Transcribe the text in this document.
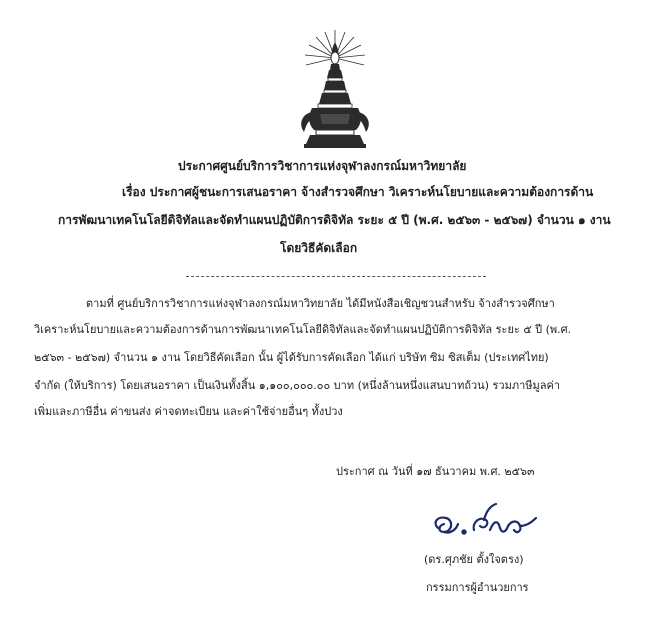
ประกาศศูนย์บริการวิชาการแห่งจุฬาลงกรณ์มหาวิทยาลัย
เรื่อง ประกาศผู้ชนะการเสนอราคา จ้างสำรวจศึกษา วิเคราะห์นโยบายและความต้องการด้าน
การพัฒนาเทคโนโลยีดิจิทัลและจัดทำแผนปฏิบัติการดิจิทัล ระยะ ๕ ปี (พ.ศ. ๒๕๖๓ - ๒๕๖๗) จำนวน ๑ งาน
โดยวิธีคัดเลือก
ตามที่ ศูนย์บริการวิชาการแห่งจุฬาลงกรณ์มหาวิทยาลัย ได้มีหนังสือเชิญชวนสำหรับ จ้างสำรวจศึกษา
วิเคราะห์นโยบายและความต้องการด้านการพัฒนาเทคโนโลยีดิจิทัลและจัดทำแผนปฏิบัติการดิจิทัล ระยะ ๕ ปี (พ.ศ.
๒๕๖๓ - ๒๕๖๗) จำนวน ๑ งาน โดยวิธีคัดเลือก นั้น ผู้ได้รับการคัดเลือก ได้แก่ บริษัท ซิม ซิสเต็ม (ประเทศไทย)
จำกัด (ให้บริการ) โดยเสนอราคา เป็นเงินทั้งสิ้น ๑,๑๐๐,๐๐๐.๐๐ บาท (หนึ่งล้านหนึ่งแสนบาทถ้วน) รวมภาษีมูลค่า
เพิ่มและภาษีอื่น ค่าขนส่ง ค่าจดทะเบียน และค่าใช้จ่ายอื่นๆ ทั้งปวง
ประกาศ ณ วันที่ ๑๗ ธันวาคม พ.ศ. ๒๕๖๓
(ดร.ศุภชัย ตั้งใจตรง)
กรรมการผู้อำนวยการ
